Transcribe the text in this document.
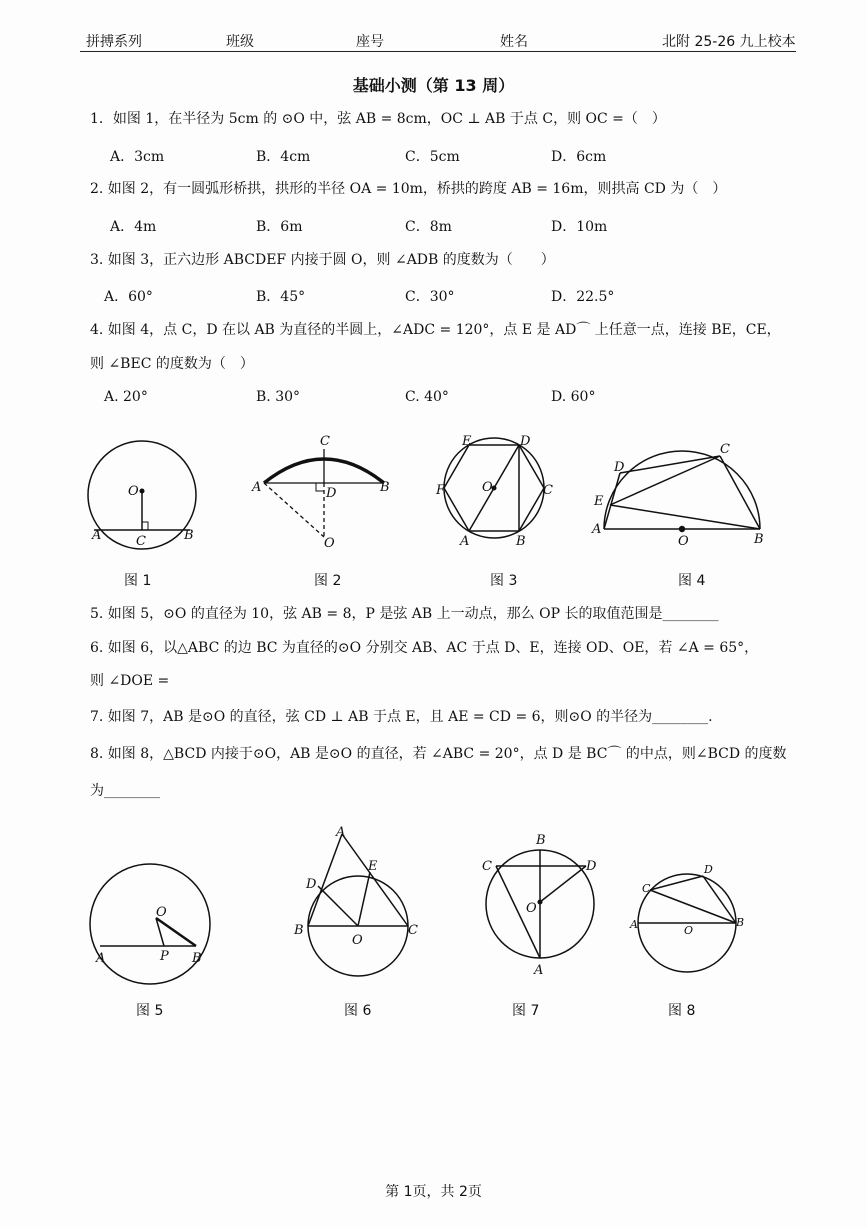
拼搏系列	班级	座号	姓名	北附 25-26 九上校本
基础小测（第 13 周）
1．如图 1，在半径为 5cm 的 ⊙O 中，弦 AB = 8cm，OC ⊥ AB 于点 C，则 OC =（　）
A．3cm	B．4cm	C．5cm	D．6cm
2. 如图 2，有一圆弧形桥拱，拱形的半径 OA = 10m，桥拱的跨度 AB = 16m，则拱高 CD 为（　）
A．4m	B．6m	C．8m	D．10m
3. 如图 3，正六边形 ABCDEF 内接于圆 O，则 ∠ADB 的度数为（　　）
A．60°	B．45°	C．30°	D．22.5°
4. 如图 4，点 C，D 在以 AB 为直径的半圆上，∠ADC = 120°，点 E 是 AD⌒ 上任意一点，连接 BE，CE，
则 ∠BEC 的度数为（　）
A. 20°	B. 30°	C. 40°	D. 60°
O
A	C	B
C
A	D	B
O
E	D
F	O	C
A	B
C
D
E
A
O	B
图 1	图 2	图 3	图 4
5. 如图 5，⊙O 的直径为 10，弦 AB = 8，P 是弦 AB 上一动点，那么 OP 长的取值范围是________
6. 如图 6，以△ABC 的边 BC 为直径的⊙O 分别交 AB、AC 于点 D、E，连接 OD、OE，若 ∠A = 65°，
则 ∠DOE =
7. 如图 7，AB 是⊙O 的直径，弦 CD ⊥ AB 于点 E，且 AE = CD = 6，则⊙O 的半径为________.
8. 如图 8，△BCD 内接于⊙O，AB 是⊙O 的直径，若 ∠ABC = 20°，点 D 是 BC⌒ 的中点，则∠BCD 的度数
为________
O
A	P B
A
E
D
B
O
C
B
C	D
O
A
D
C
A	O
B
图 5	图 6	图 7	图 8
第 1页，共 2页
